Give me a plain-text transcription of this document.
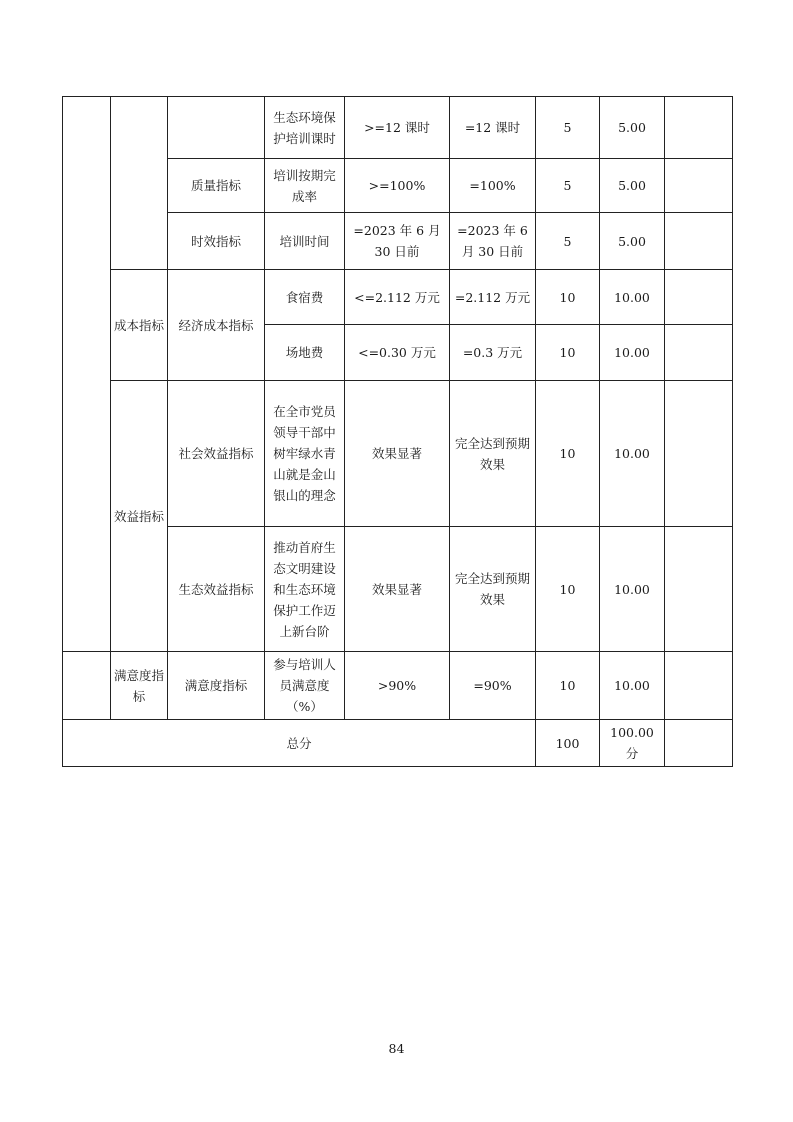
			生态环境保护培训课时	>=12 课时	=12 课时	5	5.00	
		质量指标	培训按期完成率	>=100%	=100%	5	5.00	
		时效指标	培训时间	=2023 年 6 月 30 日前	=2023 年 6 月 30 日前	5	5.00	
	成本指标	经济成本指标	食宿费	<=2.112 万元	=2.112 万元	10	10.00	
			场地费	<=0.30 万元	=0.3 万元	10	10.00	
	效益指标	社会效益指标	在全市党员领导干部中树牢绿水青山就是金山银山的理念	效果显著	完全达到预期效果	10	10.00	
		生态效益指标	推动首府生态文明建设和生态环境保护工作迈上新台阶	效果显著	完全达到预期效果	10	10.00	
	满意度指标	满意度指标	参与培训人员满意度（%）	>90%	=90%	10	10.00	
总分						100	100.00 分	
84
